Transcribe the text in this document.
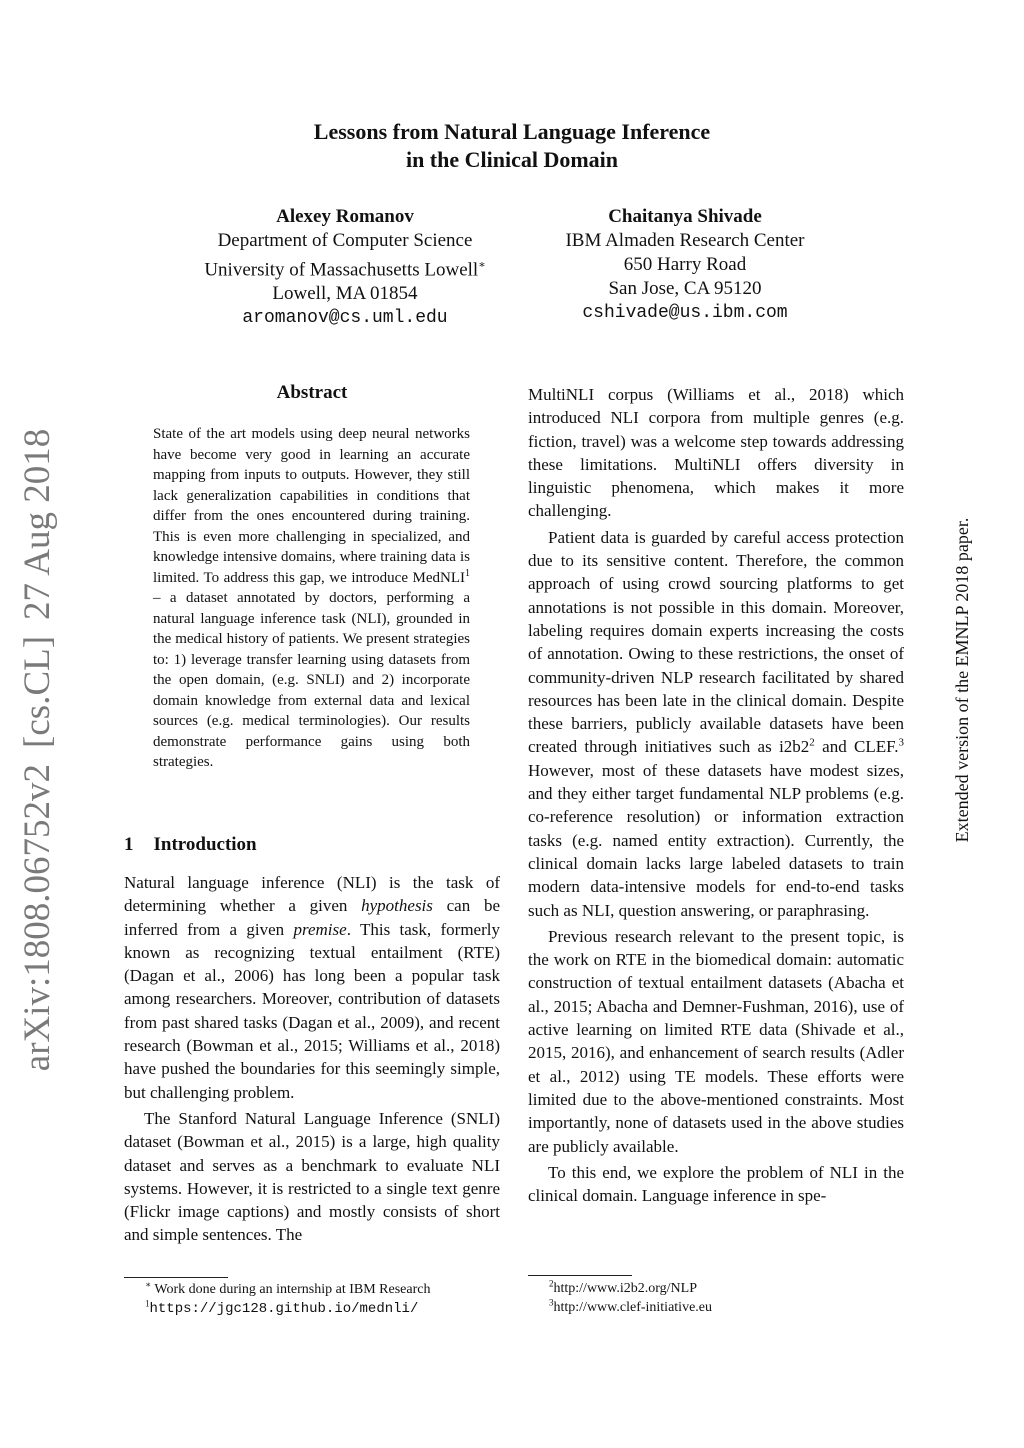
Lessons from Natural Language Inference
in the Clinical Domain
Alexey Romanov
Department of Computer Science
University of Massachusetts Lowell∗
Lowell, MA 01854
aromanov@cs.uml.edu
Chaitanya Shivade
IBM Almaden Research Center
650 Harry Road
San Jose, CA 95120
cshivade@us.ibm.com
arXiv:1808.06752v2[cs.CL]27 Aug 2018	Extended version of the EMNLP 2018 paper.
Abstract
State of the art models using deep neural networks have become very good in learning an accurate mapping from inputs to outputs. However, they still lack generalization capabilities in conditions that differ from the ones encountered during training. This is even more challenging in specialized, and knowledge intensive domains, where training data is limited. To address this gap, we introduce MedNLI$^1$ – a dataset annotated by doctors, performing a natural language inference task (NLI), grounded in the medical history of patients. We present strategies to: 1) leverage transfer learning using datasets from the open domain, (e.g. SNLI) and 2) incorporate domain knowledge from external data and lexical sources (e.g. medical terminologies). Our results demonstrate performance gains using both strategies.
1 Introduction

Natural language inference (NLI) is the task of determining whether a given hypothesis can be inferred from a given premise. This task, formerly known as recognizing textual entailment (RTE) (Dagan et al., 2006) has long been a popular task among researchers. Moreover, contribution of datasets from past shared tasks (Dagan et al., 2009), and recent research (Bowman et al., 2015; Williams et al., 2018) have pushed the boundaries for this seemingly simple, but challenging problem.

The Stanford Natural Language Inference (SNLI) dataset (Bowman et al., 2015) is a large, high quality dataset and serves as a benchmark to evaluate NLI systems. However, it is restricted to a single text genre (Flickr image captions) and mostly consists of short and simple sentences. The

MultiNLI corpus (Williams et al., 2018) which introduced NLI corpora from multiple genres (e.g. fiction, travel) was a welcome step towards addressing these limitations. MultiNLI offers diversity in linguistic phenomena, which makes it more challenging.

Patient data is guarded by careful access protection due to its sensitive content. Therefore, the common approach of using crowd sourcing platforms to get annotations is not possible in this domain. Moreover, labeling requires domain experts increasing the costs of annotation. Owing to these restrictions, the onset of community-driven NLP research facilitated by shared resources has been late in the clinical domain. Despite these barriers, publicly available datasets have been created through initiatives such as $i2b2^2$ and CLEF.$^3$ However, most of these datasets have modest sizes, and they either target fundamental NLP problems (e.g. co-reference resolution) or information extraction tasks (e.g. named entity extraction). Currently, the clinical domain lacks large labeled datasets to train modern data-intensive models for end-to-end tasks such as NLI, question answering, or paraphrasing.

Previous research relevant to the present topic, is the work on RTE in the biomedical domain: automatic construction of textual entailment datasets (Abacha et al., 2015; Abacha and Demner-Fushman, 2016), use of active learning on limited RTE data (Shivade et al., 2015, 2016), and enhancement of search results (Adler et al., 2012) using TE models. These efforts were limited due to the above-mentioned constraints. Most importantly, none of datasets used in the above studies are publicly available.

To this end, we explore the problem of NLI in the clinical domain. Language inference in spe-

∗ Work done during an internship at IBM Research
$^1$https://jgc128.github.io/mednli/
$^2$http://www.i2b2.org/NLP
$^3$http://www.clef-initiative.eu
